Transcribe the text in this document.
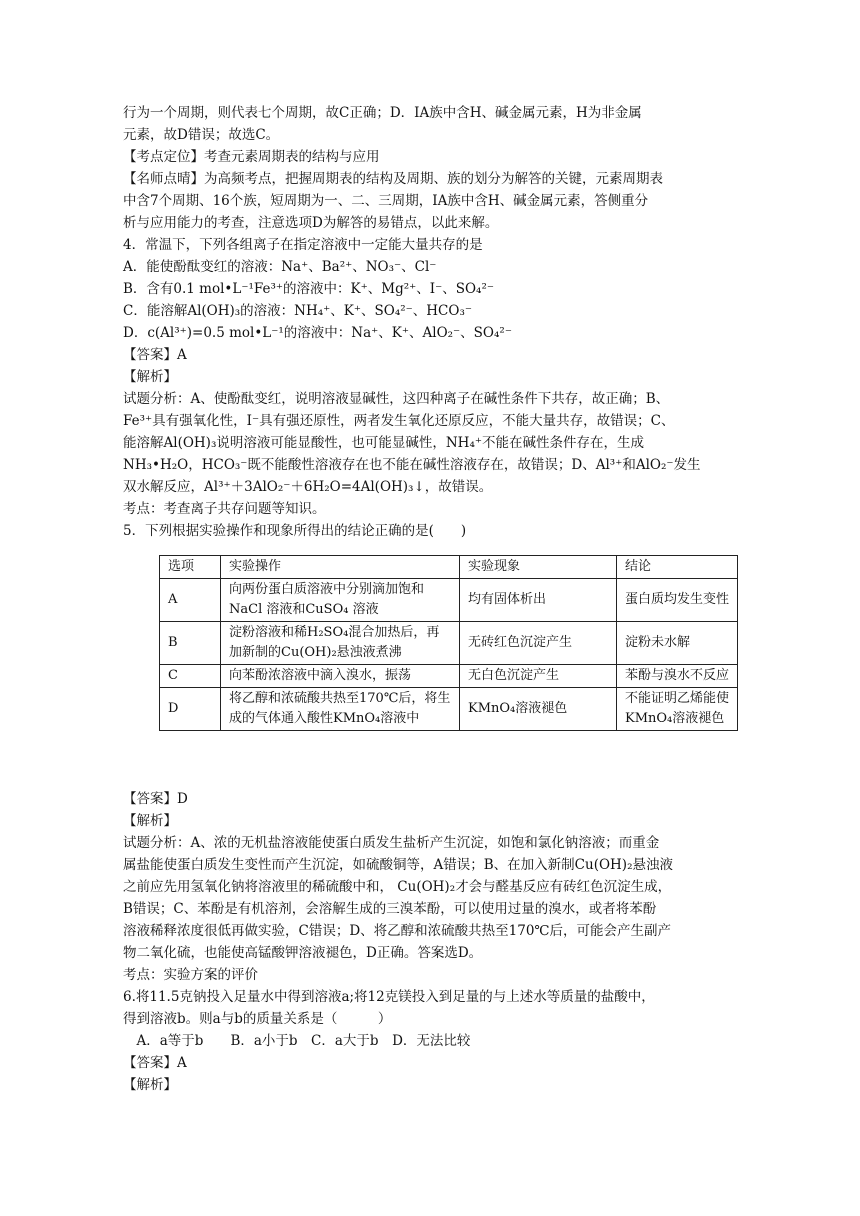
行为一个周期，则代表七个周期，故C正确；D．IA族中含H、碱金属元素，H为非金属

元素，故D错误；故选C。

【考点定位】考查元素周期表的结构与应用

【名师点晴】为高频考点，把握周期表的结构及周期、族的划分为解答的关键，元素周期表

中含7个周期、16个族，短周期为一、二、三周期，IA族中含H、碱金属元素，答侧重分

析与应用能力的考查，注意选项D为解答的易错点，以此来解。

4．常温下，下列各组离子在指定溶液中一定能大量共存的是

A．能使酚酞变红的溶液：Na⁺、Ba²⁺、NO₃⁻、Cl⁻

B．含有0.1 mol•L⁻¹Fe³⁺的溶液中：K⁺、Mg²⁺、I⁻、SO₄²⁻

C．能溶解Al(OH)₃的溶液：NH₄⁺、K⁺、SO₄²⁻、HCO₃⁻

D．c(Al³⁺)=0.5 mol•L⁻¹的溶液中：Na⁺、K⁺、AlO₂⁻、SO₄²⁻

【答案】A

【解析】

试题分析：A、使酚酞变红，说明溶液显碱性，这四种离子在碱性条件下共存，故正确；B、

Fe³⁺具有强氧化性，I⁻具有强还原性，两者发生氧化还原反应，不能大量共存，故错误；C、

能溶解Al(OH)₃说明溶液可能显酸性，也可能显碱性，NH₄⁺不能在碱性条件存在，生成

NH₃•H₂O，HCO₃⁻既不能酸性溶液存在也不能在碱性溶液存在，故错误；D、Al³⁺和AlO₂⁻发生

双水解反应，Al³⁺＋3AlO₂⁻＋6H₂O=4Al(OH)₃↓，故错误。

考点：考查离子共存问题等知识。

5．下列根据实验操作和现象所得出的结论正确的是(　　)

选项	实验操作	实验现象	结论
A	向两份蛋白质溶液中分别滴加饱和NaCl 溶液和CuSO₄ 溶液	均有固体析出	蛋白质均发生变性
B	淀粉溶液和稀H₂SO₄混合加热后，再加新制的Cu(OH)₂悬浊液煮沸	无砖红色沉淀产生	淀粉未水解
C	向苯酚浓溶液中滴入溴水，振荡	无白色沉淀产生	苯酚与溴水不反应
D	将乙醇和浓硫酸共热至170℃后，将生成的气体通入酸性KMnO₄溶液中	KMnO₄溶液褪色	不能证明乙烯能使KMnO₄溶液褪色

【答案】D

【解析】

试题分析：A、浓的无机盐溶液能使蛋白质发生盐析产生沉淀，如饱和氯化钠溶液；而重金

属盐能使蛋白质发生变性而产生沉淀，如硫酸铜等，A错误；B、在加入新制Cu(OH)₂悬浊液

之前应先用氢氧化钠将溶液里的稀硫酸中和， Cu(OH)₂才会与醛基反应有砖红色沉淀生成，

B错误；C、苯酚是有机溶剂，会溶解生成的三溴苯酚，可以使用过量的溴水，或者将苯酚

溶液稀释浓度很低再做实验，C错误；D、将乙醇和浓硫酸共热至170℃后，可能会产生副产

物二氧化硫，也能使高锰酸钾溶液褪色，D正确。答案选D。

考点：实验方案的评价

6.将11.5克钠投入足量水中得到溶液a;将12克镁投入到足量的与上述水等质量的盐酸中，

得到溶液b。则a与b的质量关系是（　　　）

　A．a等于b　　B．a小于b　C．a大于b　D．无法比较

【答案】A

【解析】
